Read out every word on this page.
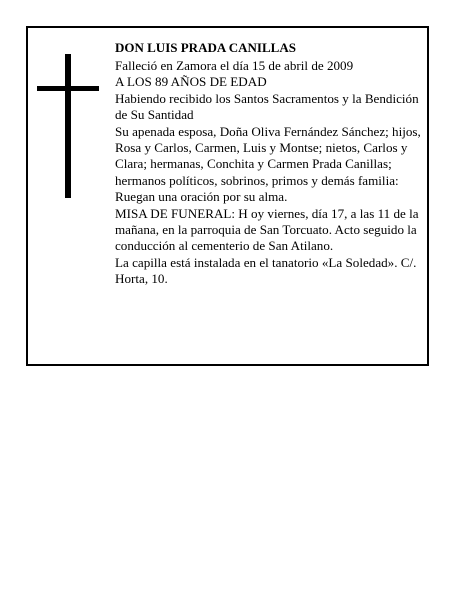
DON LUIS PRADA CANILLAS

Falleció en Zamora el día 15 de abril de 2009

A LOS 89 AÑOS DE EDAD

Habiendo recibido los Santos Sacramentos y la Bendición de Su Santidad

Su apenada esposa, Doña Oliva Fernández Sánchez; hijos, Rosa y Carlos, Carmen, Luis y Montse; nietos, Carlos y Clara; hermanas, Conchita y Carmen Prada Canillas; hermanos políticos, sobrinos, primos y demás familia:

Ruegan una oración por su alma.

MISA DE FUNERAL: H oy viernes, día 17, a las 11 de la mañana, en la parroquia de San Torcuato. Acto seguido la conducción al cementerio de San Atilano.

La capilla está instalada en el tanatorio «La Soledad». C/. Horta, 10.
